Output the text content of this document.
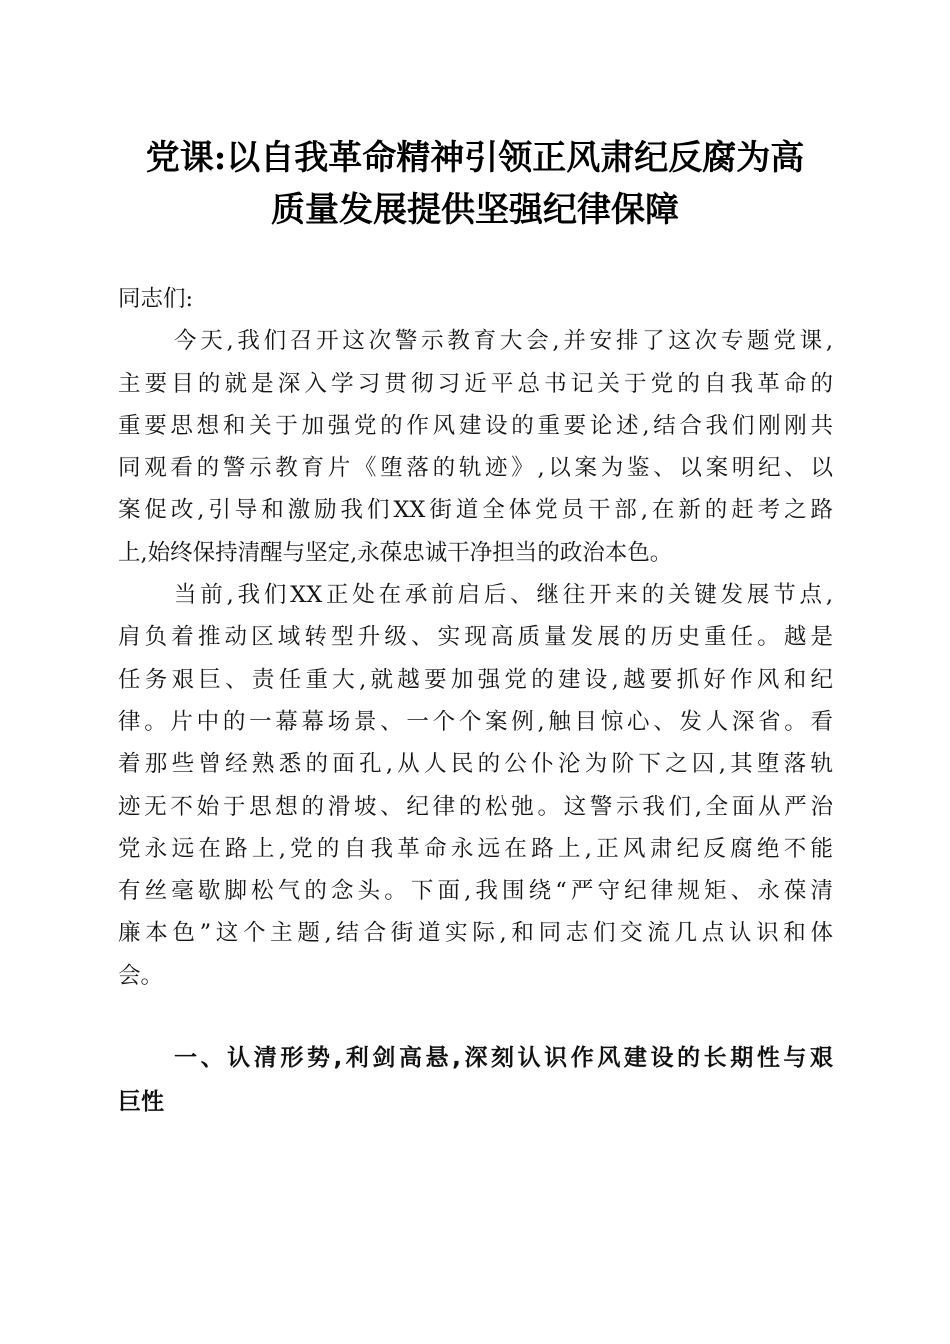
党课:以自我革命精神引领正风肃纪反腐为高
质量发展提供坚强纪律保障
同志们:
今天,我们召开这次警示教育大会,并安排了这次专题党课,
主要目的就是深入学习贯彻习近平总书记关于党的自我革命的
重要思想和关于加强党的作风建设的重要论述,结合我们刚刚共
同观看的警示教育片《堕落的轨迹》,以案为鉴、以案明纪、以
案促改,引导和激励我们XX街道全体党员干部,在新的赶考之路
上,始终保持清醒与坚定,永葆忠诚干净担当的政治本色。
当前,我们XX正处在承前启后、继往开来的关键发展节点,
肩负着推动区域转型升级、实现高质量发展的历史重任。越是
任务艰巨、责任重大,就越要加强党的建设,越要抓好作风和纪
律。片中的一幕幕场景、一个个案例,触目惊心、发人深省。看
着那些曾经熟悉的面孔,从人民的公仆沦为阶下之囚,其堕落轨
迹无不始于思想的滑坡、纪律的松弛。这警示我们,全面从严治
党永远在路上,党的自我革命永远在路上,正风肃纪反腐绝不能
有丝毫歇脚松气的念头。下面,我围绕“严守纪律规矩、永葆清
廉本色”这个主题,结合街道实际,和同志们交流几点认识和体
会。
一、认清形势,利剑高悬,深刻认识作风建设的长期性与艰
巨性
